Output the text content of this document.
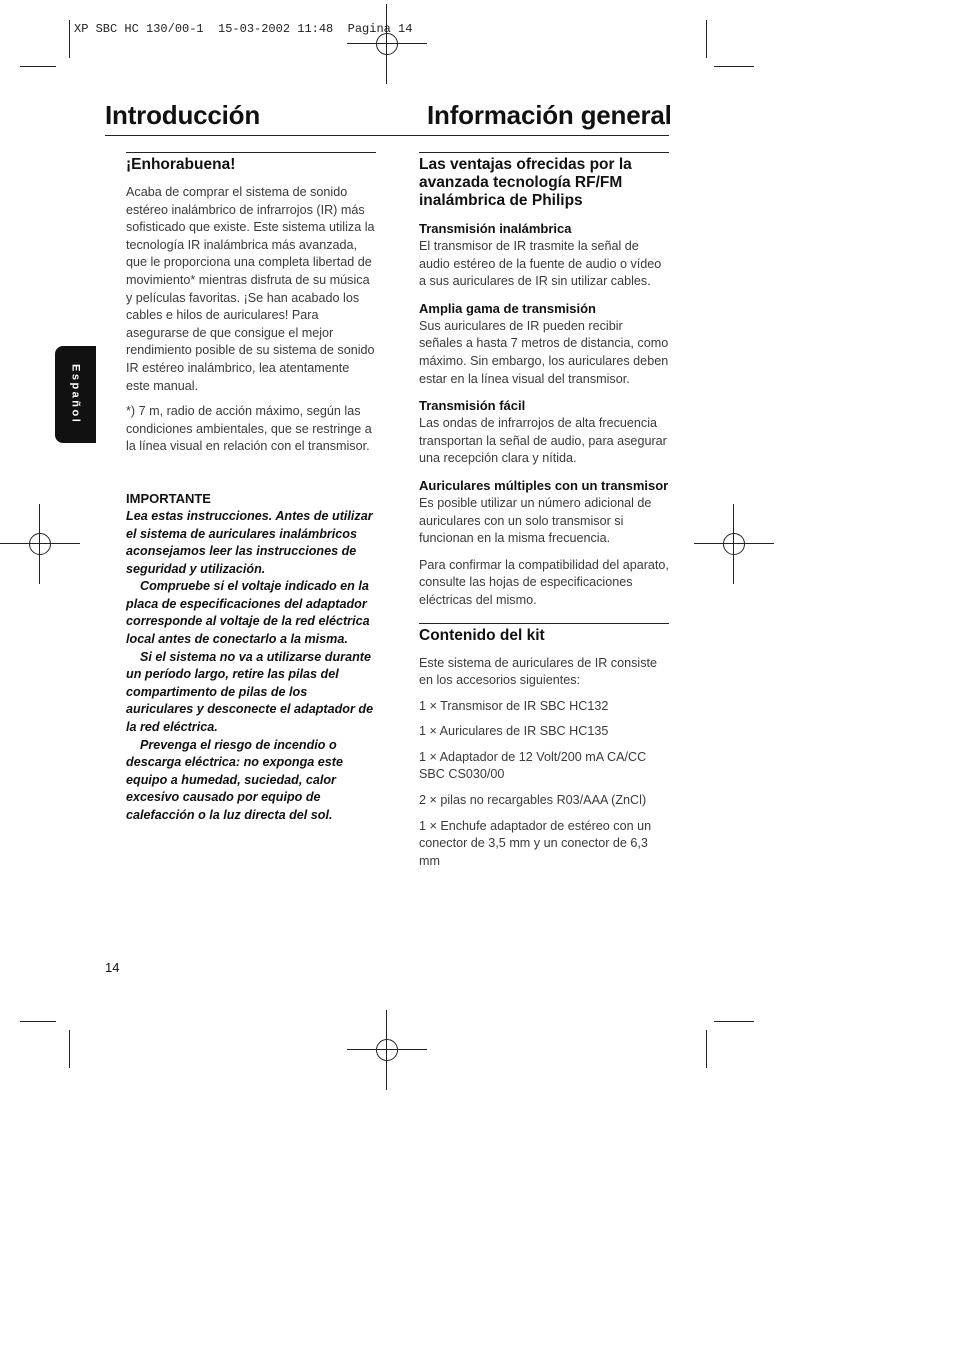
XP SBC HC 130/00-1  15-03-2002 11:48  Pagina 14
Introducción	Información general
Español
¡Enhorabuena!

Acaba de comprar el sistema de sonido estéreo inalámbrico de infrarrojos (IR) más sofisticado que existe. Este sistema utiliza la tecnología IR inalámbrica más avanzada, que le proporciona una completa libertad de movimiento* mientras disfruta de su música y películas favoritas. ¡Se han acabado los cables e hilos de auriculares! Para asegurarse de que consigue el mejor rendimiento posible de su sistema de sonido IR estéreo inalámbrico, lea atentamente este manual.

*) 7 m, radio de acción máximo, según las condiciones ambientales, que se restringe a la línea visual en relación con el transmisor.

IMPORTANTE

Lea estas instrucciones. Antes de utilizar el sistema de auriculares inalámbricos aconsejamos leer las instrucciones de seguridad y utilización.

Compruebe si el voltaje indicado en la placa de especificaciones del adaptador corresponde al voltaje de la red eléctrica local antes de conectarlo a la misma.

Si el sistema no va a utilizarse durante un período largo, retire las pilas del compartimento de pilas de los auriculares y desconecte el adaptador de la red eléctrica.

Prevenga el riesgo de incendio o descarga eléctrica: no exponga este equipo a humedad, suciedad, calor excesivo causado por equipo de calefacción o la luz directa del sol.

Las ventajas ofrecidas por la avanzada tecnología RF/FM inalámbrica de Philips
Transmisión inalámbrica

El transmisor de IR trasmite la señal de audio estéreo de la fuente de audio o vídeo a sus auriculares de IR sin utilizar cables.

Amplia gama de transmisión

Sus auriculares de IR pueden recibir señales a hasta 7 metros de distancia, como máximo. Sin embargo, los auriculares deben estar en la línea visual del transmisor.

Transmisión fácil

Las ondas de infrarrojos de alta frecuencia transportan la señal de audio, para asegurar una recepción clara y nítida.

Auriculares múltiples con un transmisor

Es posible utilizar un número adicional de auriculares con un solo transmisor si funcionan en la misma frecuencia.

Para confirmar la compatibilidad del aparato, consulte las hojas de especificaciones eléctricas del mismo.

Contenido del kit

Este sistema de auriculares de IR consiste en los accesorios siguientes:

1 × Transmisor de IR SBC HC132

1 × Auriculares de IR SBC HC135

1 × Adaptador de 12 Volt/200 mA CA/CC SBC CS030/00

2 × pilas no recargables R03/AAA (ZnCl)

1 × Enchufe adaptador de estéreo con un conector de 3,5 mm y un conector de 6,3 mm

14
